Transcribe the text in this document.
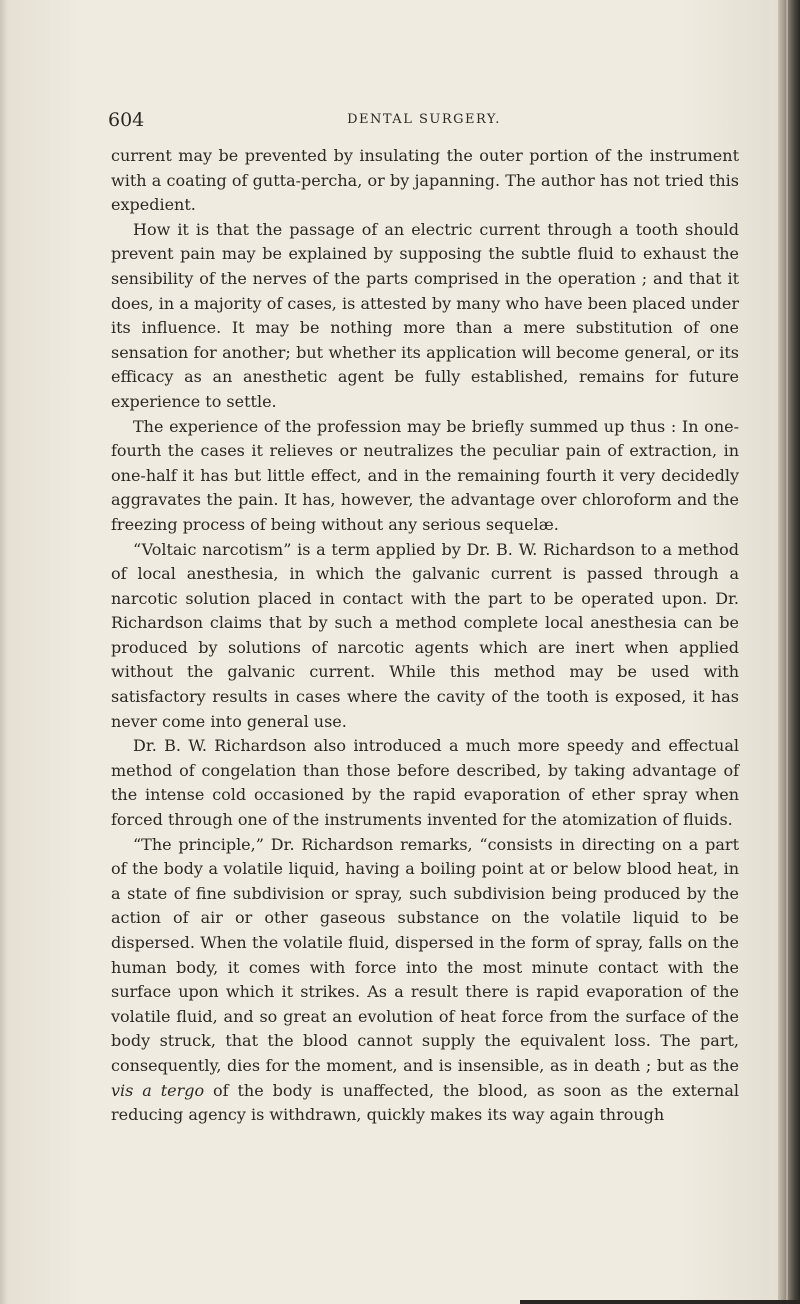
604	DENTAL SURGERY.

current may be prevented by insulating the outer portion of the instrument with a coating of gutta-percha, or by japanning. The author has not tried this expedient.

How it is that the passage of an electric current through a tooth should prevent pain may be explained by supposing the subtle fluid to exhaust the sensibility of the nerves of the parts comprised in the operation ; and that it does, in a majority of cases, is attested by many who have been placed under its influence. It may be nothing more than a mere substitution of one sensation for another; but whether its application will become general, or its efficacy as an anesthetic agent be fully established, remains for future experience to settle.

The experience of the profession may be briefly summed up thus : In one-fourth the cases it relieves or neutralizes the peculiar pain of extraction, in one-half it has but little effect, and in the remaining fourth it very decidedly aggravates the pain. It has, however, the advantage over chloroform and the freezing process of being without any serious sequelæ.

“Voltaic narcotism” is a term applied by Dr. B. W. Richardson to a method of local anesthesia, in which the galvanic current is passed through a narcotic solution placed in contact with the part to be operated upon. Dr. Richardson claims that by such a method complete local anesthesia can be produced by solutions of narcotic agents which are inert when applied without the galvanic current. While this method may be used with satisfactory results in cases where the cavity of the tooth is exposed, it has never come into general use.

Dr. B. W. Richardson also introduced a much more speedy and effectual method of congelation than those before described, by taking advantage of the intense cold occasioned by the rapid evaporation of ether spray when forced through one of the instruments invented for the atomization of fluids.

“The principle,” Dr. Richardson remarks, “consists in directing on a part of the body a volatile liquid, having a boiling point at or below blood heat, in a state of fine subdivision or spray, such subdivision being produced by the action of air or other gaseous substance on the volatile liquid to be dispersed. When the volatile fluid, dispersed in the form of spray, falls on the human body, it comes with force into the most minute contact with the surface upon which it strikes. As a result there is rapid evaporation of the volatile fluid, and so great an evolution of heat force from the surface of the body struck, that the blood cannot supply the equivalent loss. The part, consequently, dies for the moment, and is insensible, as in death ; but as the vis a tergo of the body is unaffected, the blood, as soon as the external reducing agency is withdrawn, quickly makes its way again through
